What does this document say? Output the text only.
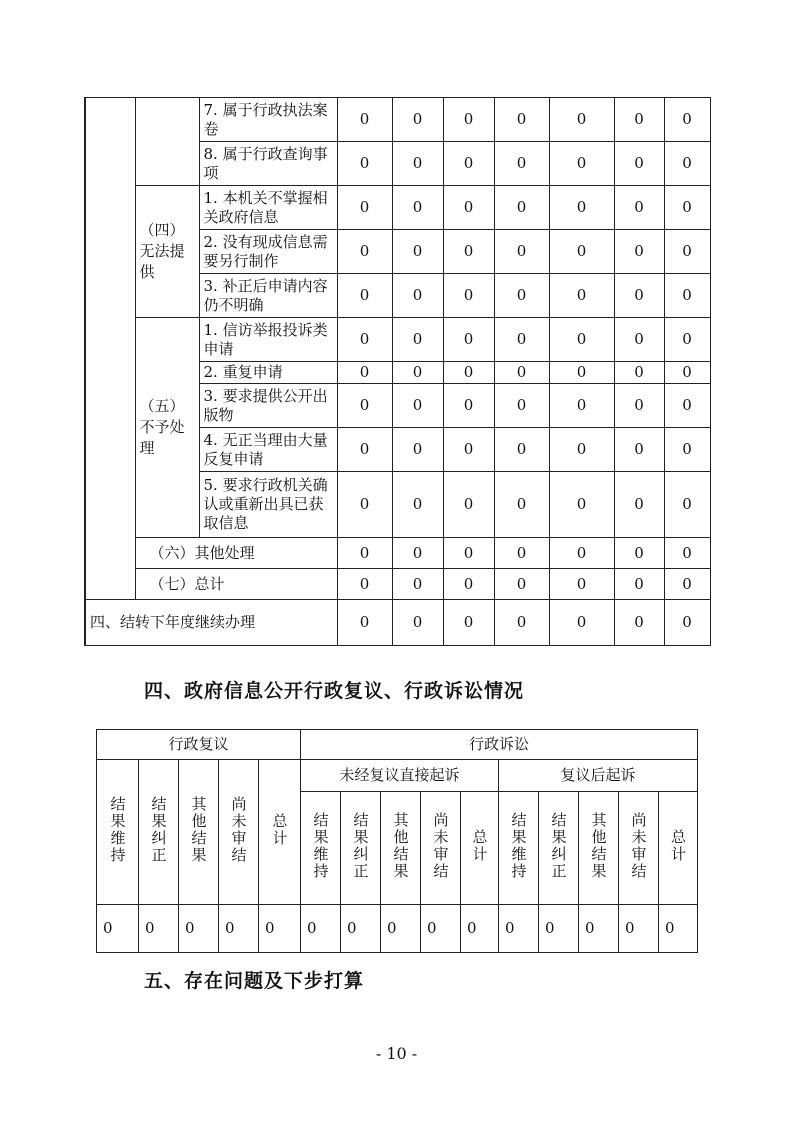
		7. 属于行政执法案卷	0	0	0	0	0	0	0
		8. 属于行政查询事项	0	0	0	0	0	0	0
	（四）无法提供	1. 本机关不掌握相关政府信息	0	0	0	0	0	0	0
		2. 没有现成信息需要另行制作	0	0	0	0	0	0	0
		3. 补正后申请内容仍不明确	0	0	0	0	0	0	0
	（五）不予处理	1. 信访举报投诉类申请	0	0	0	0	0	0	0
		2. 重复申请	0	0	0	0	0	0	0
		3. 要求提供公开出版物	0	0	0	0	0	0	0
		4. 无正当理由大量反复申请	0	0	0	0	0	0	0
		5. 要求行政机关确认或重新出具已获取信息	0	0	0	0	0	0	0
	（六）其他处理		0	0	0	0	0	0	0
	（七）总计		0	0	0	0	0	0	0
四、结转下年度继续办理			0	0	0	0	0	0	0
四、政府信息公开行政复议、行政诉讼情况
行政复议					行政诉讼									
结果维持	结果纠正	其他结果	尚未审结	总计	未经复议直接起诉					复议后起诉				
					结果维持	结果纠正	其他结果	尚未审结	总计	结果维持	结果纠正	其他结果	尚未审结	总计
0	0	0	0	0	0	0	0	0	0	0	0	0	0	0
五、存在问题及下步打算
- 10 -
